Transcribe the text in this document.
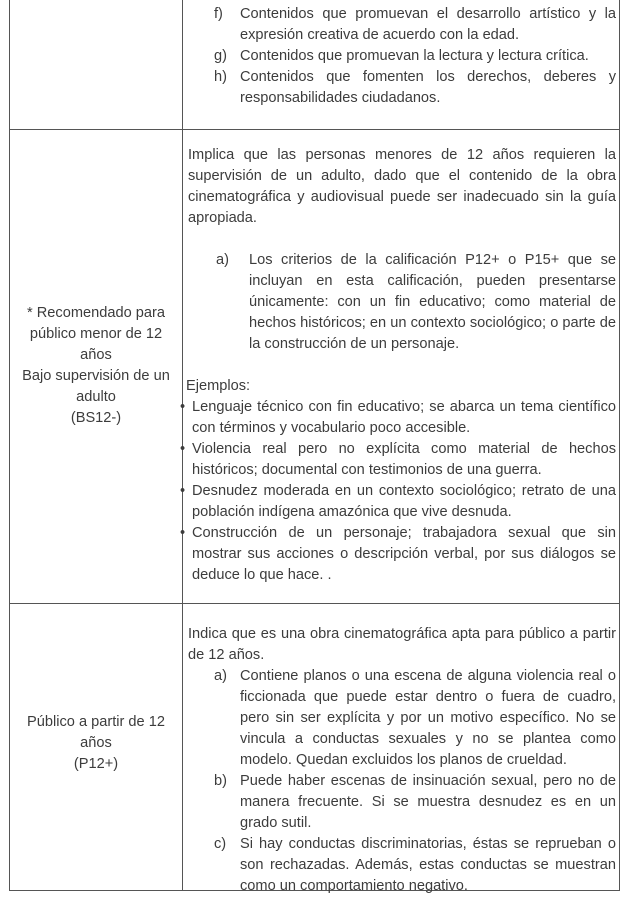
f) Contenidos que promuevan el desarrollo artístico y la expresión creativa de acuerdo con la edad.

g) Contenidos que promuevan la lectura y lectura crítica.

h) Contenidos que fomenten los derechos, deberes y responsabilidades ciudadanos.

* Recomendado para
público menor de 12
años
Bajo supervisión de un
adulto
(BS12-)

Implica que las personas menores de 12 años requieren la supervisión de un adulto, dado que el contenido de la obra cinematográfica y audiovisual puede ser inadecuado sin la guía apropiada.

a) Los criterios de la calificación P12+ o P15+ que se incluyan en esta calificación, pueden presentarse únicamente: con un fin educativo; como material de hechos históricos; en un contexto sociológico; o parte de la construcción de un personaje.

Ejemplos:

• Lenguaje técnico con fin educativo; se abarca un tema científico con términos y vocabulario poco accesible.

• Violencia real pero no explícita como material de hechos históricos; documental con testimonios de una guerra.

• Desnudez moderada en un contexto sociológico; retrato de una población indígena amazónica que vive desnuda.

• Construcción de un personaje; trabajadora sexual que sin mostrar sus acciones o descripción verbal, por sus diálogos se deduce lo que hace. .

Público a partir de 12
años
(P12+)

Indica que es una obra cinematográfica apta para público a partir de 12 años.

a) Contiene planos o una escena de alguna violencia real o ficcionada que puede estar dentro o fuera de cuadro, pero sin ser explícita y por un motivo específico. No se vincula a conductas sexuales y no se plantea como modelo. Quedan excluidos los planos de crueldad.

b) Puede haber escenas de insinuación sexual, pero no de manera frecuente. Si se muestra desnudez es en un grado sutil.

c) Si hay conductas discriminatorias, éstas se reprueban o son rechazadas. Además, estas conductas se muestran como un comportamiento negativo.
